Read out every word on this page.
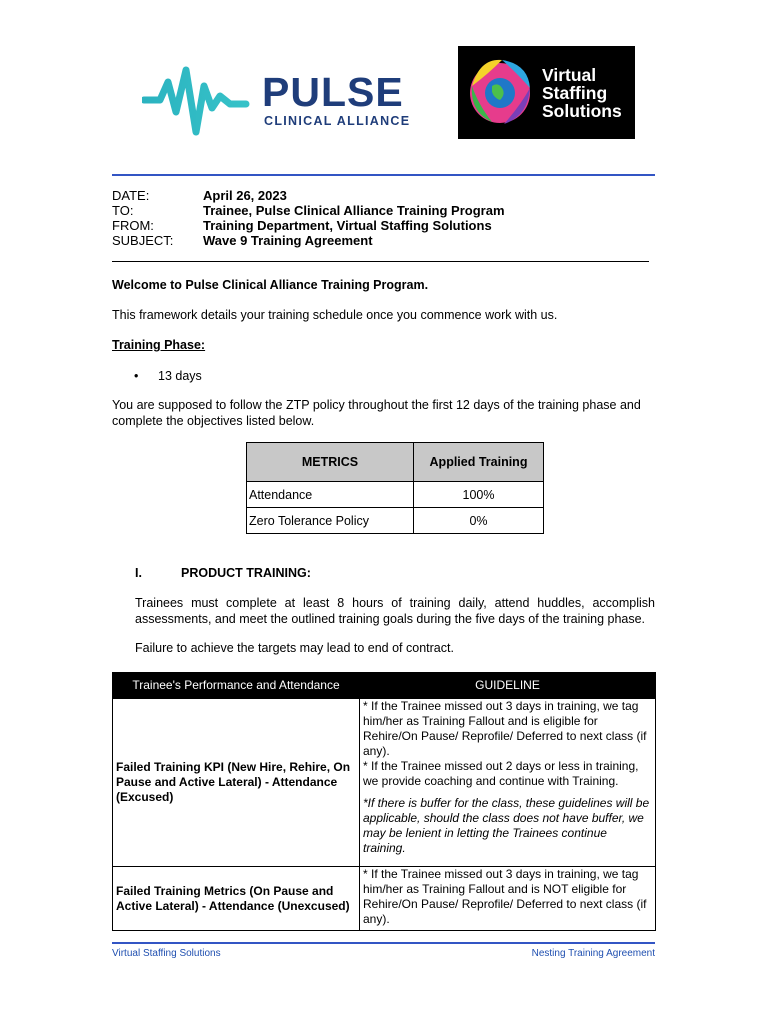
PULSE
CLINICAL ALLIANCE
Virtual
Staffing
Solutions
DATE:	April 26, 2023
TO:	Trainee, Pulse Clinical Alliance Training Program
FROM:	Training Department, Virtual Staffing Solutions
SUBJECT: Wave 9 Training Agreement
Welcome to Pulse Clinical Alliance Training Program.
This framework details your training schedule once you commence work with us.
Training Phase:
• 13 days
You are supposed to follow the ZTP policy throughout the first 12 days of the training phase and complete the objectives listed below.
METRICS	Applied Training
Attendance	100%
Zero Tolerance Policy	0%
I.	PRODUCT TRAINING:
Trainees must complete at least 8 hours of training daily, attend huddles, accomplish assessments, and meet the outlined training goals during the five days of the training phase.
Failure to achieve the targets may lead to end of contract.
Trainee's Performance and Attendance	GUIDELINE
Failed Training KPI (New Hire, Rehire, On Pause and Active Lateral) - Attendance (Excused)	* If the Trainee missed out 3 days in training, we tag him/her as Training Fallout and is eligible for Rehire/On Pause/ Reprofile/ Deferred to next class (if any).
* If the Trainee missed out 2 days or less in training, we provide coaching and continue with Training.
*If there is buffer for the class, these guidelines will be applicable, should the class does not have buffer, we may be lenient in letting the Trainees continue training.

Failed Training Metrics (On Pause and Active Lateral) - Attendance (Unexcused)	* If the Trainee missed out 3 days in training, we tag him/her as Training Fallout and is NOT eligible for Rehire/On Pause/ Reprofile/ Deferred to next class (if any).
Virtual Staffing Solutions	Nesting Training Agreement
